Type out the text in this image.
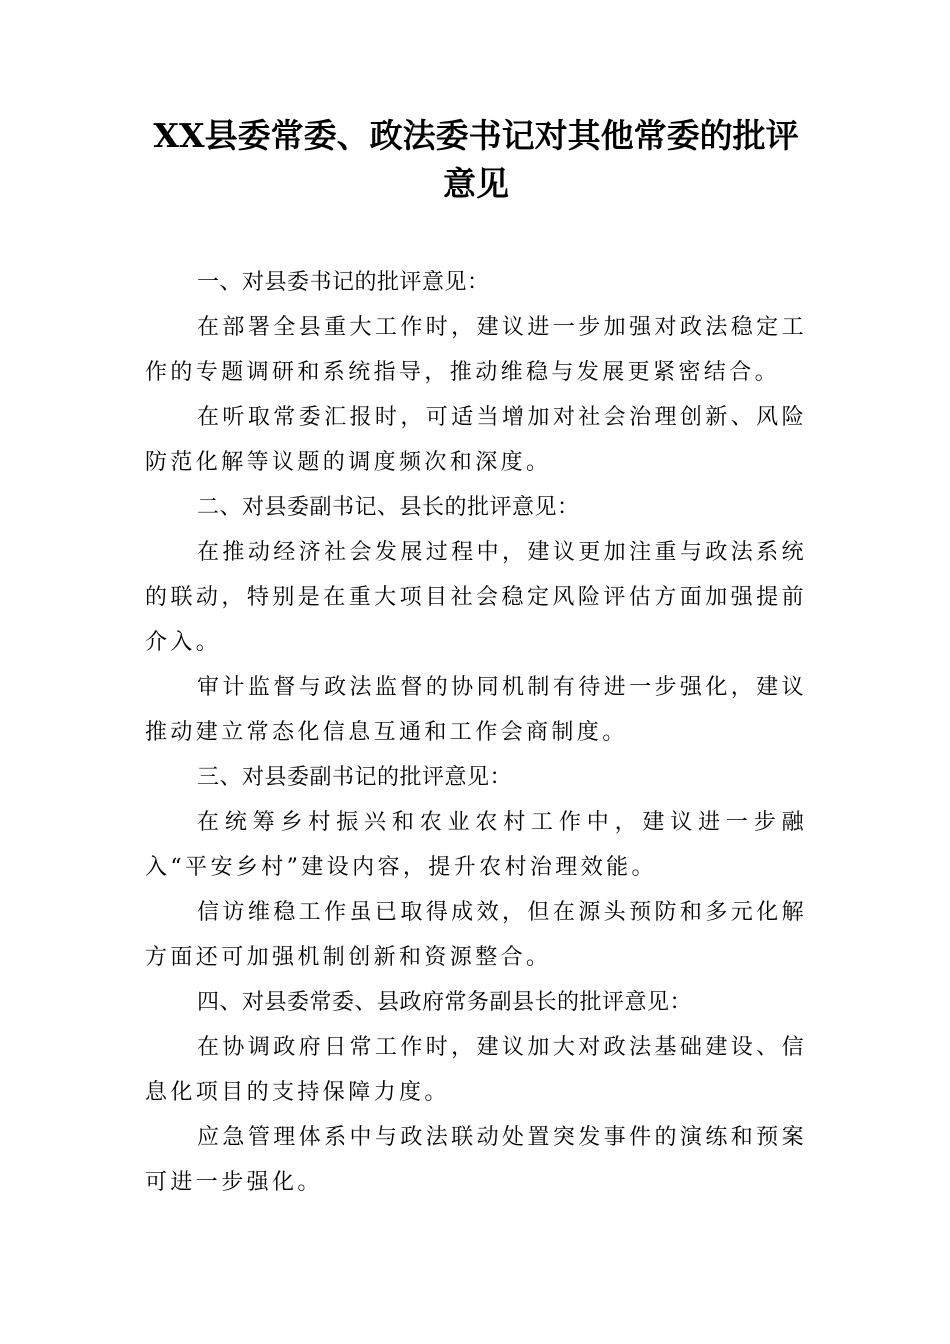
XX县委常委、政法委书记对其他常委的批评意见
一、对县委书记的批评意见：

在部署全县重大工作时，建议进一步加强对政法稳定工作的专题调研和系统指导，推动维稳与发展更紧密结合。

在听取常委汇报时，可适当增加对社会治理创新、风险防范化解等议题的调度频次和深度。

二、对县委副书记、县长的批评意见：

在推动经济社会发展过程中，建议更加注重与政法系统的联动，特别是在重大项目社会稳定风险评估方面加强提前介入。

审计监督与政法监督的协同机制有待进一步强化，建议推动建立常态化信息互通和工作会商制度。

三、对县委副书记的批评意见：

在统筹乡村振兴和农业农村工作中，建议进一步融入“平安乡村”建设内容，提升农村治理效能。

信访维稳工作虽已取得成效，但在源头预防和多元化解方面还可加强机制创新和资源整合。

四、对县委常委、县政府常务副县长的批评意见：

在协调政府日常工作时，建议加大对政法基础建设、信息化项目的支持保障力度。

应急管理体系中与政法联动处置突发事件的演练和预案可进一步强化。
